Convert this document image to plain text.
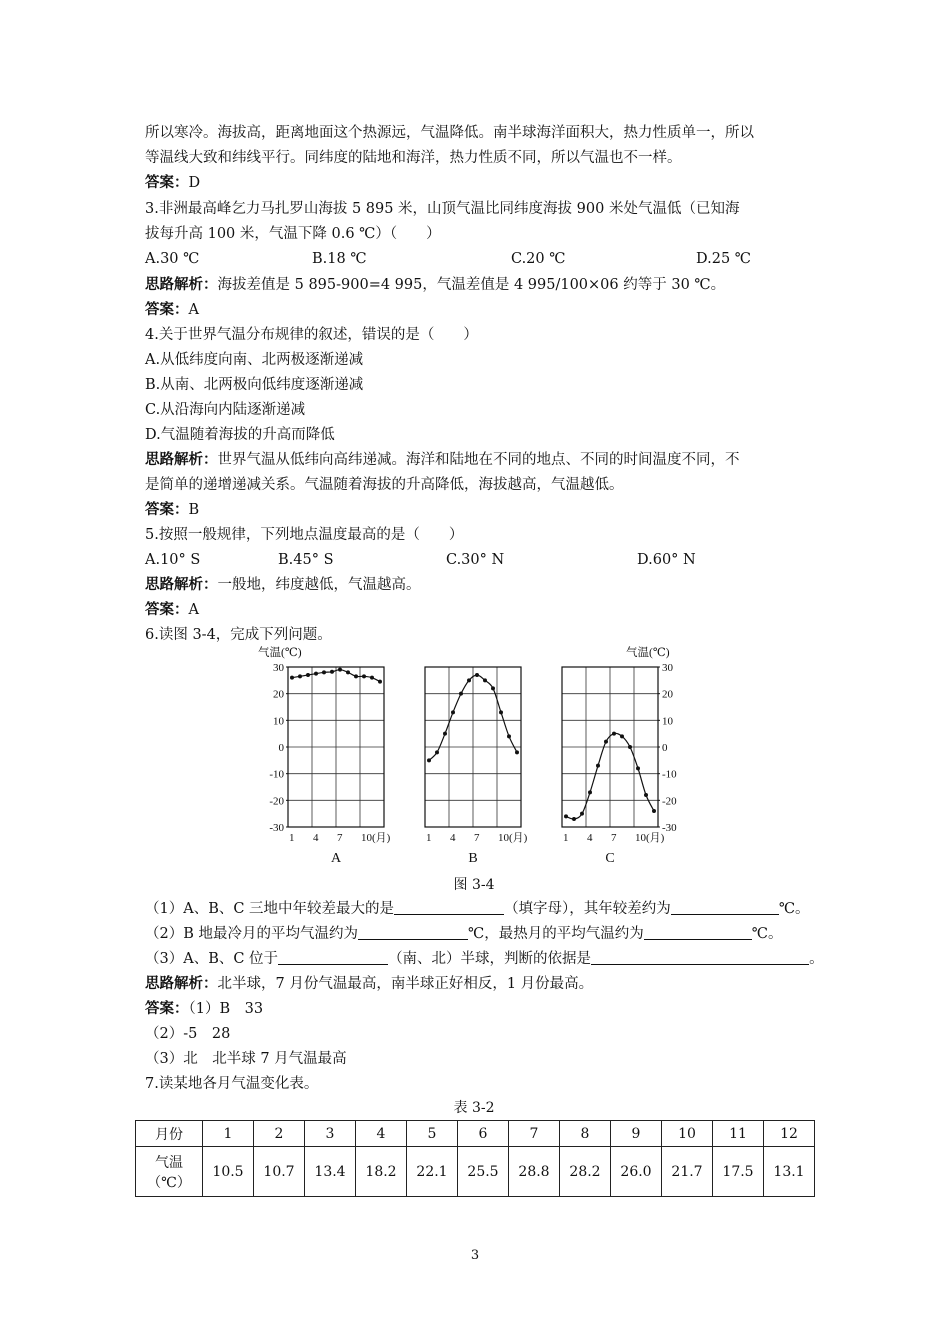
所以寒冷。海拔高，距离地面这个热源远，气温降低。南半球海洋面积大，热力性质单一，所以
等温线大致和纬线平行。同纬度的陆地和海洋，热力性质不同，所以气温也不一样。
答案：D
3.非洲最高峰乞力马扎罗山海拔 5 895 米，山顶气温比同纬度海拔 900 米处气温低（已知海
拔每升高 100 米，气温下降 0.6 ℃）（　　）
A.30 ℃	B.18 ℃	C.20 ℃	D.25 ℃
思路解析：海拔差值是 5 895-900=4 995，气温差值是 4 995/100×06 约等于 30 ℃。
答案：A
4.关于世界气温分布规律的叙述，错误的是（　　）
A.从低纬度向南、北两极逐渐递减
B.从南、北两极向低纬度逐渐递减
C.从沿海向内陆逐渐递减
D.气温随着海拔的升高而降低
思路解析：世界气温从低纬向高纬递减。海洋和陆地在不同的地点、不同的时间温度不同，不
是简单的递增递减关系。气温随着海拔的升高降低，海拔越高，气温越低。
答案：B
5.按照一般规律，下列地点温度最高的是（　　）
A.10° S	B.45° S	C.30° N	D.60° N
思路解析：一般地，纬度越低，气温越高。
答案：A
6.读图 3-4，完成下列问题。
30
20
10
0
-10
-20
-30
气温(℃)
1 4 7 10(月)
A
1 4 7 10(月)
B
30
20
10
0
-10
-20
-30
气温(℃)
1 4 7 10(月)
C
图 3-4
（1）A、B、C 三地中年较差最大的是	（填字母），其年较差约为	℃。
（2）B 地最冷月的平均气温约为	℃，最热月的平均气温约为	℃。
（3）A、B、C 位于	（南、北）半球，判断的依据是	。
思路解析：北半球，7 月份气温最高，南半球正好相反，1 月份最高。
答案：（1）B　33
（2）-5　28
（3）北　北半球 7 月气温最高
7.读某地各月气温变化表。
表 3-2
月份	1	2	3	4	5	6	7	8	9	10	11	12

气温
（℃）	10.5	10.7	13.4	18.2	22.1	25.5	28.8	28.2	26.0	21.7	17.5	13.1
3
